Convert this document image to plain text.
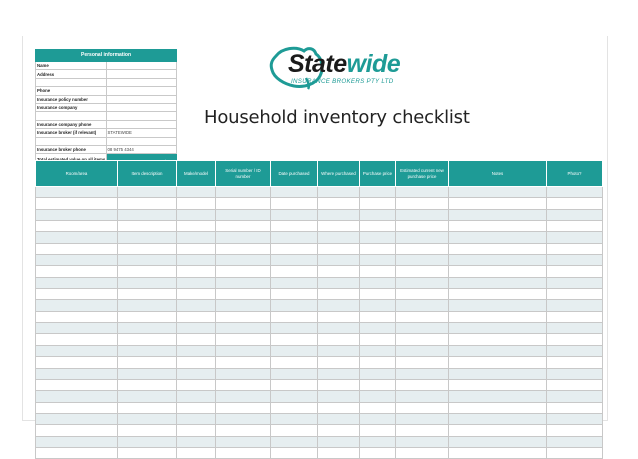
Personal information	
Name	
Address	

Phone	
Insurance policy number	
Insurance company	

Insurance company phone	
Insurance broker (if relevant)	STATEWIDE

Insurance broker phone	08 9475 4344

Statewide
INSURANCE BROKERS PTY LTD
Household inventory checklist
Room/area	Item description	Make/model	Serial number / ID number	Date purchased	Where purchased	Purchase price	Estimated current new purchase price	Notes	Photo?
